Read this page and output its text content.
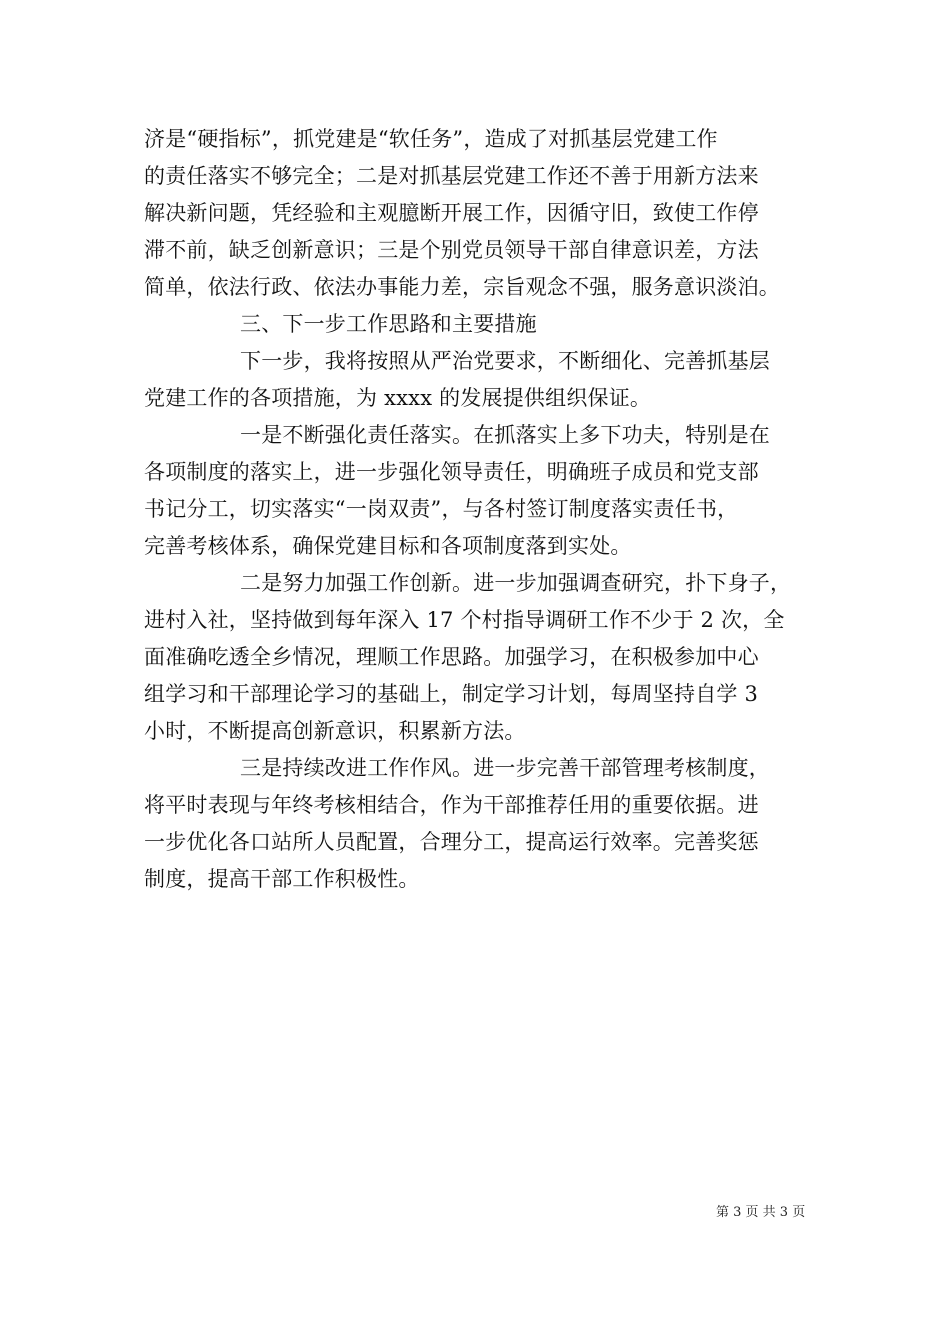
济是“硬指标”，抓党建是“软任务”，造成了对抓基层党建工作
的责任落实不够完全；二是对抓基层党建工作还不善于用新方法来
解决新问题，凭经验和主观臆断开展工作，因循守旧，致使工作停
滞不前，缺乏创新意识；三是个别党员领导干部自律意识差，方法
简单，依法行政、依法办事能力差，宗旨观念不强，服务意识淡泊。
三、下一步工作思路和主要措施
下一步，我将按照从严治党要求，不断细化、完善抓基层
党建工作的各项措施，为 xxxx 的发展提供组织保证。
一是不断强化责任落实。在抓落实上多下功夫，特别是在
各项制度的落实上，进一步强化领导责任，明确班子成员和党支部
书记分工，切实落实“一岗双责”，与各村签订制度落实责任书，
完善考核体系，确保党建目标和各项制度落到实处。
二是努力加强工作创新。进一步加强调查研究，扑下身子，
进村入社，坚持做到每年深入 17 个村指导调研工作不少于 2 次，全
面准确吃透全乡情况，理顺工作思路。加强学习，在积极参加中心
组学习和干部理论学习的基础上，制定学习计划，每周坚持自学 3
小时，不断提高创新意识，积累新方法。
三是持续改进工作作风。进一步完善干部管理考核制度，
将平时表现与年终考核相结合，作为干部推荐任用的重要依据。进
一步优化各口站所人员配置，合理分工，提高运行效率。完善奖惩
制度，提高干部工作积极性。
第 3 页 共 3 页
